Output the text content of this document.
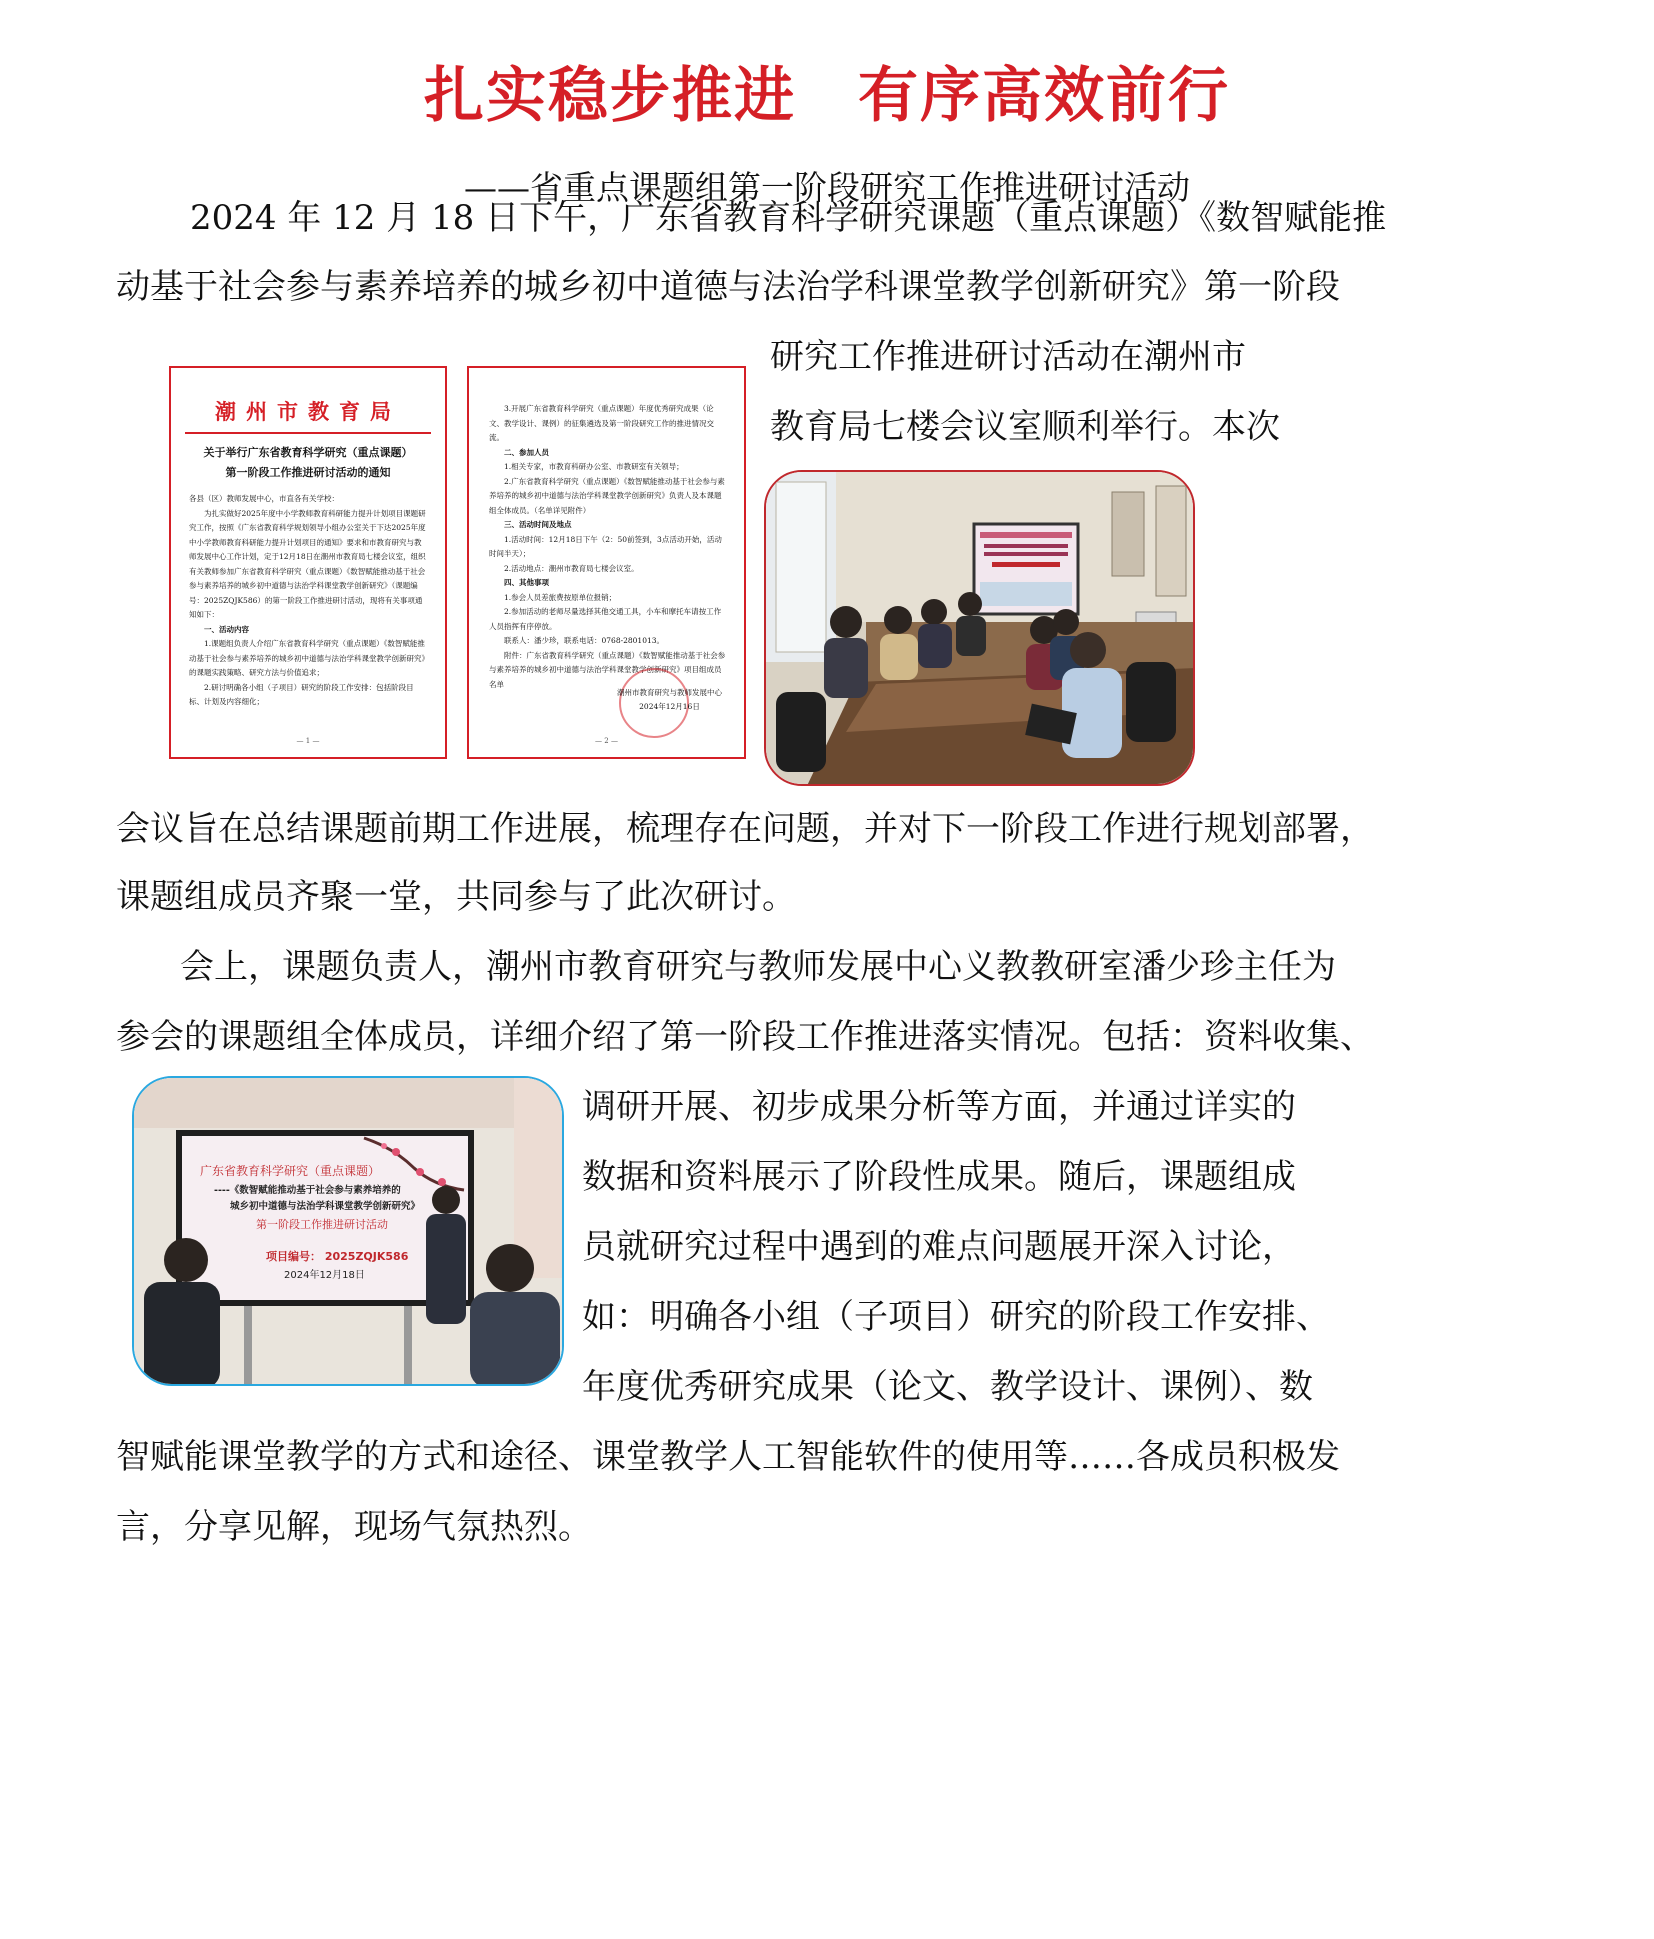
扎实稳步推进　有序高效前行
——省重点课题组第一阶段研究工作推进研讨活动
2024 年 12 月 18 日下午，广东省教育科学研究课题（重点课题）《数智赋能推
动基于社会参与素养培养的城乡初中道德与法治学科课堂教学创新研究》第一阶段
研究工作推进研讨活动在潮州市
教育局七楼会议室顺利举行。本次
会议旨在总结课题前期工作进展，梳理存在问题，并对下一阶段工作进行规划部署，
课题组成员齐聚一堂，共同参与了此次研讨。
会上，课题负责人，潮州市教育研究与教师发展中心义教教研室潘少珍主任为
参会的课题组全体成员，详细介绍了第一阶段工作推进落实情况。包括：资料收集、
调研开展、初步成果分析等方面，并通过详实的
数据和资料展示了阶段性成果。随后，课题组成
员就研究过程中遇到的难点问题展开深入讨论，
如：明确各小组（子项目）研究的阶段工作安排、
年度优秀研究成果（论文、教学设计、课例）、数
智赋能课堂教学的方式和途径、课堂教学人工智能软件的使用等……各成员积极发
言，分享见解，现场气氛热烈。
潮州市教育局
关于举行广东省教育科学研究（重点课题）
第一阶段工作推进研讨活动的通知

各县（区）教师发展中心，市直各有关学校：

为扎实做好2025年度中小学教师教育科研能力提升计划项目课题研究工作，按照《广东省教育科学规划领导小组办公室关于下达2025年度中小学教师教育科研能力提升计划项目的通知》要求和市教育研究与教师发展中心工作计划，定于12月18日在潮州市教育局七楼会议室，组织有关教师参加广东省教育科学研究（重点课题）《数智赋能推动基于社会参与素养培养的城乡初中道德与法治学科课堂教学创新研究》（课题编号：2025ZQJK586）的第一阶段工作推进研讨活动，现将有关事项通知如下：

一、活动内容

1.课题组负责人介绍广东省教育科学研究（重点课题）《数智赋能推动基于社会参与素养培养的城乡初中道德与法治学科课堂教学创新研究》的课题实践策略、研究方法与价值追求；

2.研讨明确各小组（子项目）研究的阶段工作安排：包括阶段目标、计划及内容细化；

— 1 —

3.开展广东省教育科学研究（重点课题）年度优秀研究成果（论文、教学设计、课例）的征集遴选及第一阶段研究工作的推进情况交流。

二、参加人员

1.相关专家，市教育科研办公室、市教研室有关领导；

2.广东省教育科学研究（重点课题）《数智赋能推动基于社会参与素养培养的城乡初中道德与法治学科课堂教学创新研究》负责人及本课题组全体成员。（名单详见附件）

三、活动时间及地点

1.活动时间：12月18日下午（2：50前签到，3点活动开始，活动时间半天）；

2.活动地点：潮州市教育局七楼会议室。

四、其他事项

1.参会人员差旅费按原单位报销；

2.参加活动的老师尽量选择其他交通工具，小车和摩托车请按工作人员指挥有序停放。

联系人：潘少珍，联系电话：0768-2801013。

附件：广东省教育科学研究（重点课题）《数智赋能推动基于社会参与素养培养的城乡初中道德与法治学科课堂教学创新研究》项目组成员名单

潮州市教育研究与教师发展中心
2024年12月16日
— 2 —
广东省教育科学研究（重点课题）
----《数智赋能推动基于社会参与素养培养的
城乡初中道德与法治学科课堂教学创新研究》
第一阶段工作推进研讨活动
项目编号： 2025ZQJK586
2024年12月18日
